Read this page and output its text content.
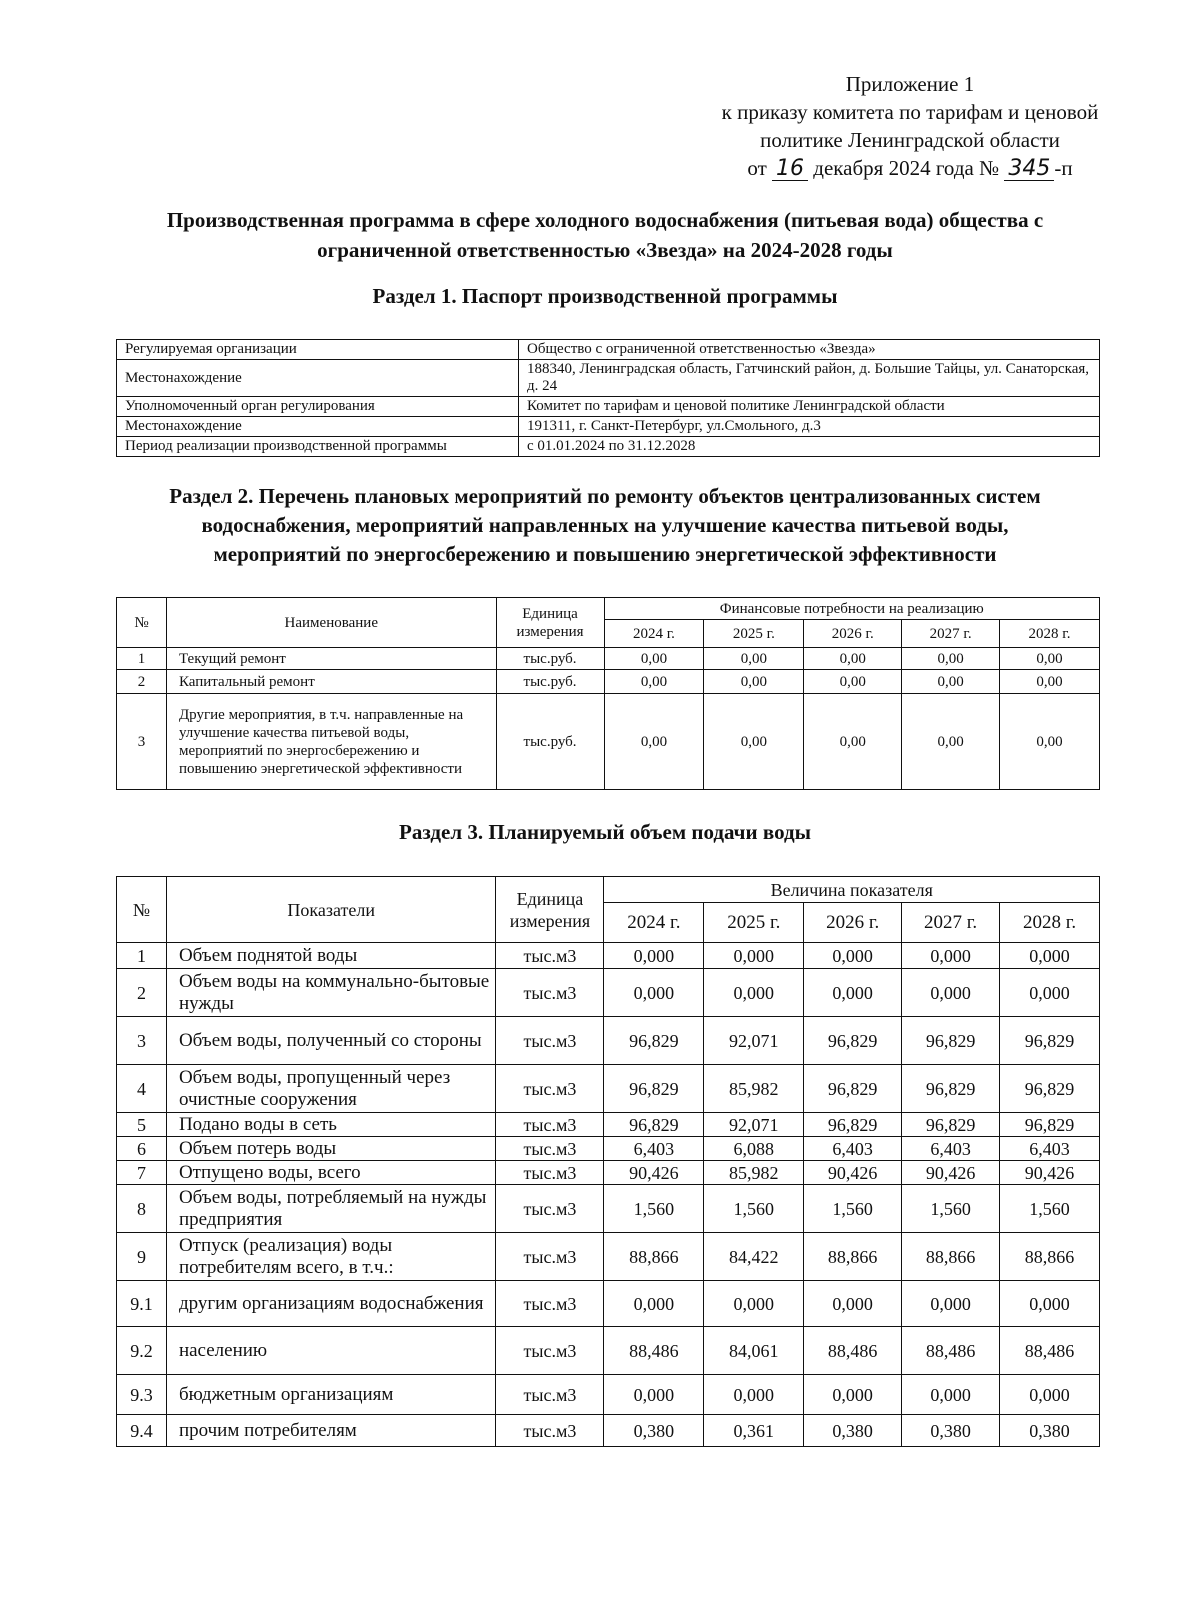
Приложение 1
к приказу комитета по тарифам и ценовой
политике Ленинградской области
от 16 декабря 2024 года № 345 -п
Производственная программа в сфере холодного водоснабжения (питьевая вода) общества с
ограниченной ответственностью «Звезда» на 2024-2028 годы
Раздел 1. Паспорт производственной программы
Регулируемая организации	Общество с ограниченной ответственностью «Звезда»
Местонахождение	188340, Ленинградская область, Гатчинский район, д. Большие Тайцы, ул. Санаторская, д. 24
Уполномоченный орган регулирования	Комитет по тарифам и ценовой политике Ленинградской области
Местонахождение	191311, г. Санкт-Петербург, ул.Смольного, д.3
Период реализации производственной программы	с 01.01.2024 по 31.12.2028
Раздел 2. Перечень плановых мероприятий по ремонту объектов централизованных систем
водоснабжения, мероприятий направленных на улучшение качества питьевой воды,
мероприятий по энергосбережению и повышению энергетической эффективности
№	Наименование	Единица измерения	Финансовые потребности на реализацию				
			2024 г.	2025 г.	2026 г.	2027 г.	2028 г.
1	Текущий ремонт	тыс.руб.	0,00	0,00	0,00	0,00	0,00
2	Капитальный ремонт	тыс.руб.	0,00	0,00	0,00	0,00	0,00
3	Другие мероприятия, в т.ч. направленные на улучшение качества питьевой воды, мероприятий по энергосбережению и повышению энергетической эффективности	тыс.руб.	0,00	0,00	0,00	0,00	0,00
Раздел 3. Планируемый объем подачи воды
№	Показатели	Единица измерения	Величина показателя				
			2024 г.	2025 г.	2026 г.	2027 г.	2028 г.
1	Объем поднятой воды	тыс.м3	0,000	0,000	0,000	0,000	0,000
2	Объем воды на коммунально-бытовые нужды	тыс.м3	0,000	0,000	0,000	0,000	0,000
3	Объем воды, полученный со стороны	тыс.м3	96,829	92,071	96,829	96,829	96,829
4	Объем воды, пропущенный через очистные сооружения	тыс.м3	96,829	85,982	96,829	96,829	96,829
5	Подано воды в сеть	тыс.м3	96,829	92,071	96,829	96,829	96,829
6	Объем потерь воды	тыс.м3	6,403	6,088	6,403	6,403	6,403
7	Отпущено воды, всего	тыс.м3	90,426	85,982	90,426	90,426	90,426
8	Объем воды, потребляемый на нужды предприятия	тыс.м3	1,560	1,560	1,560	1,560	1,560
9	Отпуск (реализация) воды потребителям всего, в т.ч.:	тыс.м3	88,866	84,422	88,866	88,866	88,866
9.1	другим организациям водоснабжения	тыс.м3	0,000	0,000	0,000	0,000	0,000
9.2	населению	тыс.м3	88,486	84,061	88,486	88,486	88,486
9.3	бюджетным организациям	тыс.м3	0,000	0,000	0,000	0,000	0,000
9.4	прочим потребителям	тыс.м3	0,380	0,361	0,380	0,380	0,380
